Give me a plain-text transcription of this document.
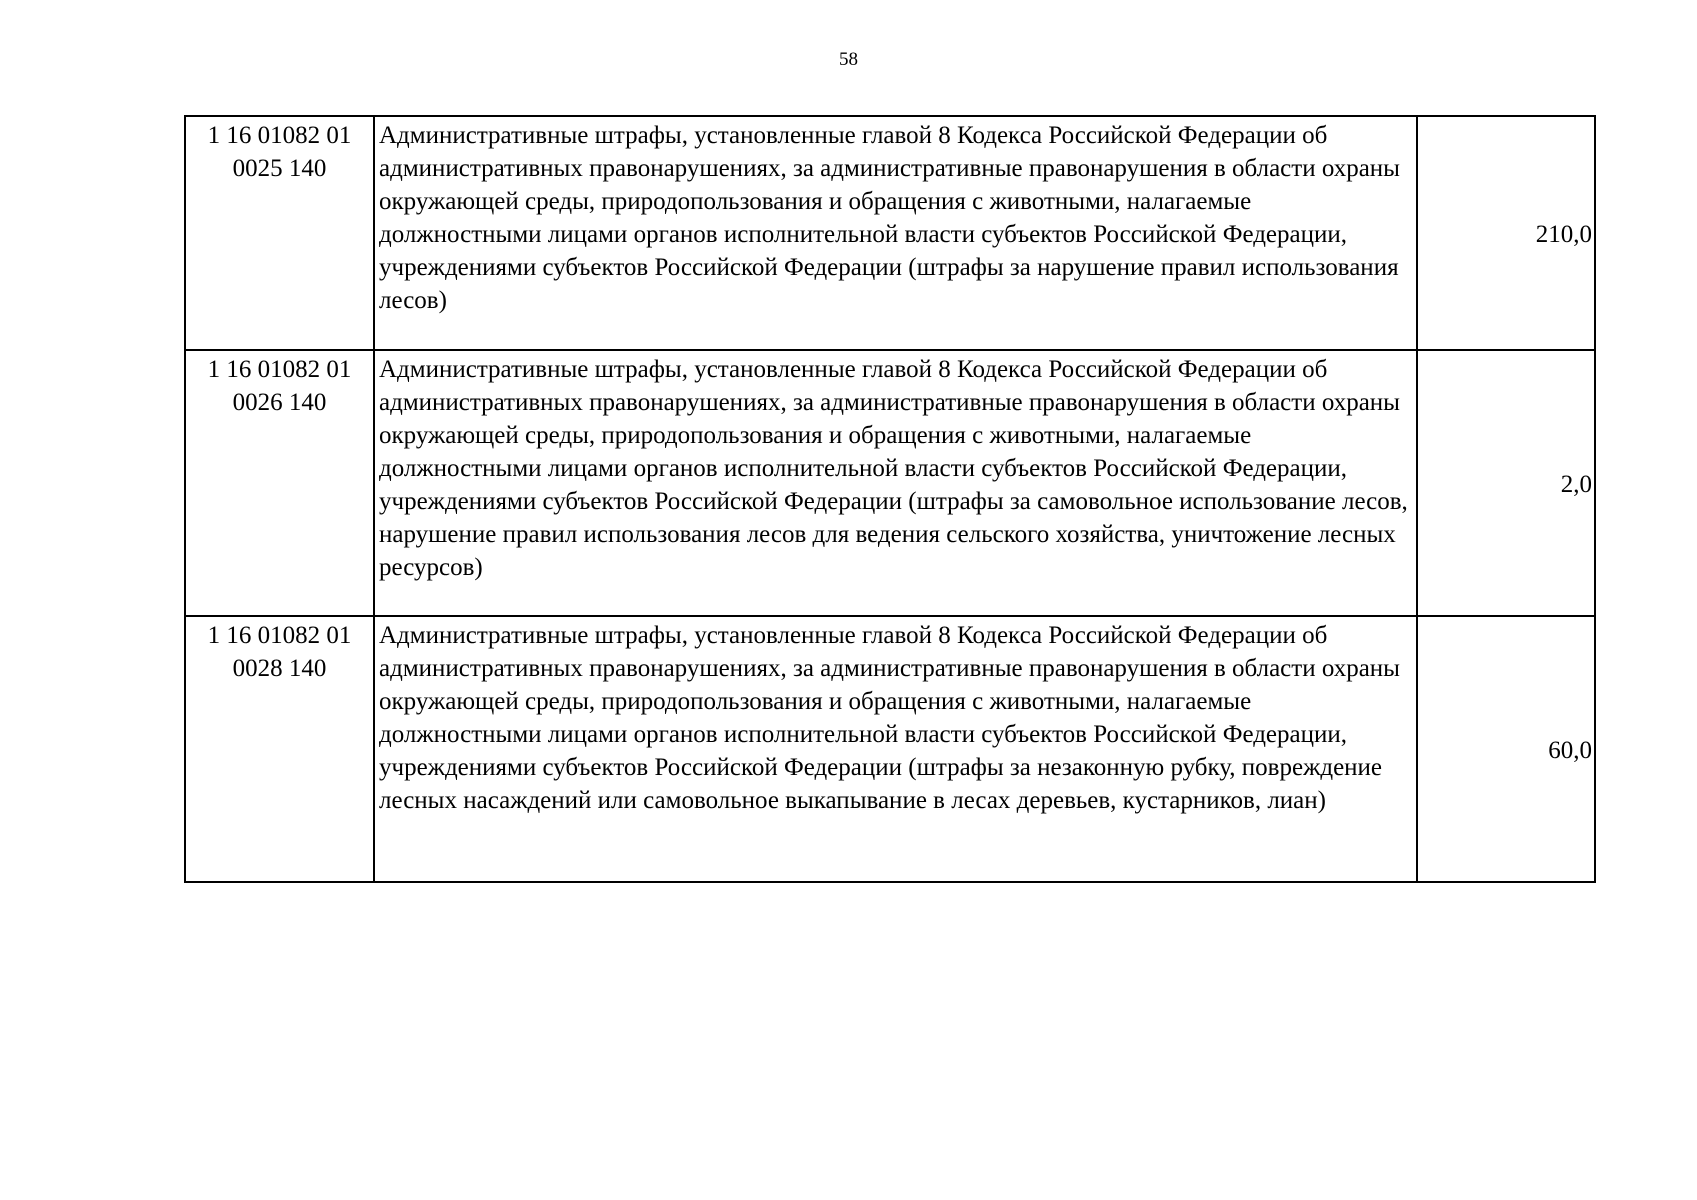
58
1 16 01082 01 0025 140	Административные штрафы, установленные главой 8 Кодекса Российской Федерации об административных правонарушениях, за административные правонарушения в области охраны окружающей среды, природопользования и обращения с животными, налагаемые должностными лицами органов исполнительной власти субъектов Российской Федерации, учреждениями субъектов Российской Федерации (штрафы за нарушение правил использования лесов)	210,0
1 16 01082 01 0026 140	Административные штрафы, установленные главой 8 Кодекса Российской Федерации об административных правонарушениях, за административные правонарушения в области охраны окружающей среды, природопользования и обращения с животными, налагаемые должностными лицами органов исполнительной власти субъектов Российской Федерации, учреждениями субъектов Российской Федерации (штрафы за самовольное использование лесов, нарушение правил использования лесов для ведения сельского хозяйства, уничтожение лесных ресурсов)	2,0
1 16 01082 01 0028 140	Административные штрафы, установленные главой 8 Кодекса Российской Федерации об административных правонарушениях, за административные правонарушения в области охраны окружающей среды, природопользования и обращения с животными, налагаемые должностными лицами органов исполнительной власти субъектов Российской Федерации, учреждениями субъектов Российской Федерации (штрафы за незаконную рубку, повреждение лесных насаждений или самовольное выкапывание в лесах деревьев, кустарников, лиан)	60,0
